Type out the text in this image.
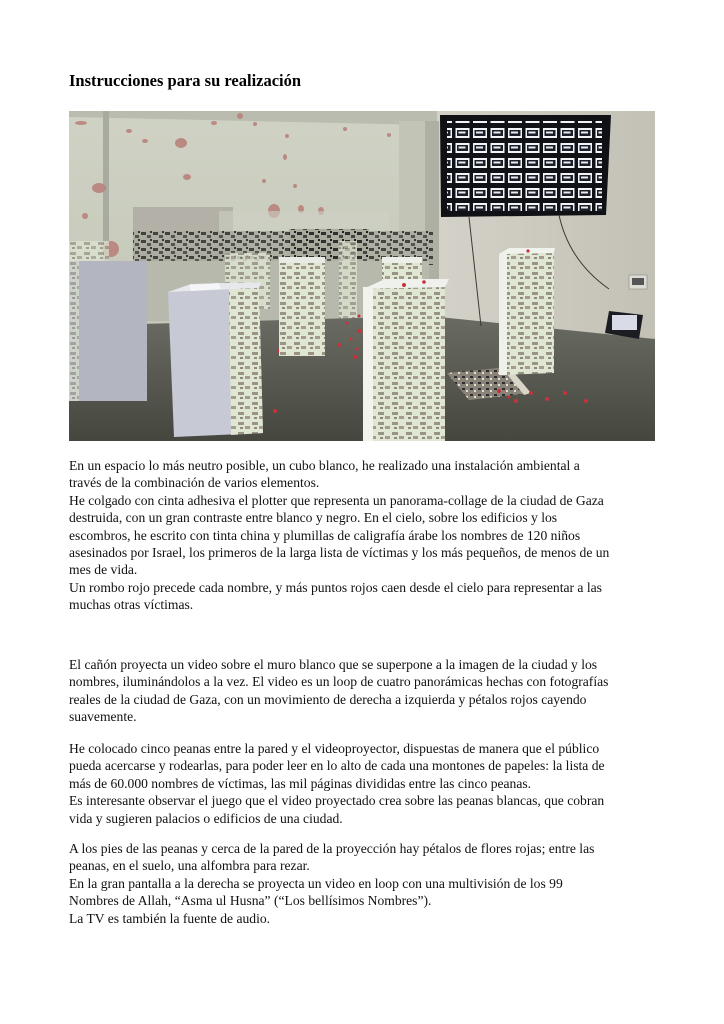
Instrucciones para su realización

En un espacio lo más neutro posible, un cubo blanco, he realizado una instalación ambiental a
través de la combinación de varios elementos.
He colgado con cinta adhesiva el plotter que representa un panorama-collage de la ciudad de Gaza
destruida, con un gran contraste entre blanco y negro. En el cielo, sobre los edificios y los
escombros, he escrito con tinta china y plumillas de caligrafía árabe los nombres de 120 niños
asesinados por Israel, los primeros de la larga lista de víctimas y los más pequeños, de menos de un
mes de vida.
Un rombo rojo precede cada nombre, y más puntos rojos caen desde el cielo para representar a las
muchas otras víctimas.

El cañón proyecta un video sobre el muro blanco que se superpone a la imagen de la ciudad y los
nombres, iluminándolos a la vez. El video es un loop de cuatro panorámicas hechas con fotografías
reales de la ciudad de Gaza, con un movimiento de derecha a izquierda y pétalos rojos cayendo
suavemente.

He colocado cinco peanas entre la pared y el videoproyector, dispuestas de manera que el público
pueda acercarse y rodearlas, para poder leer en lo alto de cada una montones de papeles: la lista de
más de 60.000 nombres de víctimas, las mil páginas divididas entre las cinco peanas.
Es interesante observar el juego que el video proyectado crea sobre las peanas blancas, que cobran
vida y sugieren palacios o edificios de una ciudad.

A los pies de las peanas y cerca de la pared de la proyección hay pétalos de flores rojas; entre las
peanas, en el suelo, una alfombra para rezar.
En la gran pantalla a la derecha se proyecta un video en loop con una multivisión de los 99
Nombres de Allah, “Asma ul Husna” (“Los bellísimos Nombres”).
La TV es también la fuente de audio.
